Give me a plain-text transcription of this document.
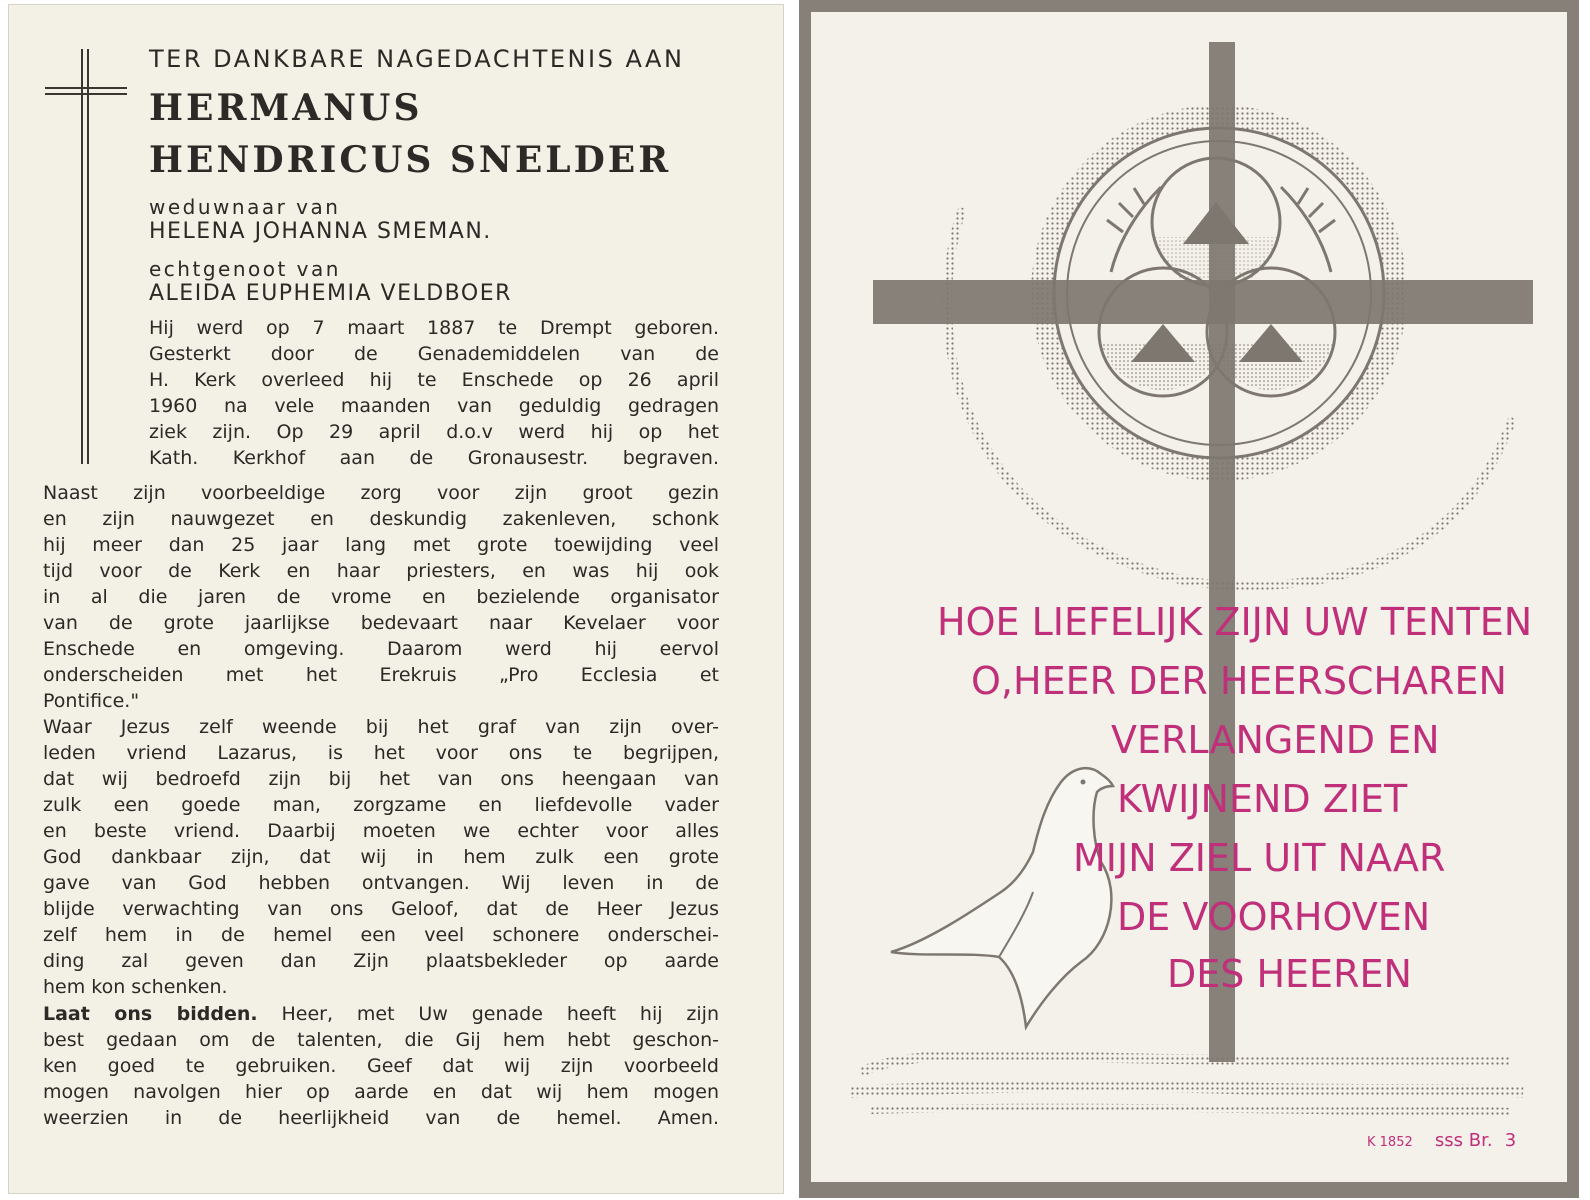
TER DANKBARE NAGEDACHTENIS AAN
HERMANUS
HENDRICUS SNELDER
weduwnaar van
HELENA JOHANNA SMEMAN.
echtgenoot van
ALEIDA EUPHEMIA VELDBOER
Hij werd op 7 maart 1887 te Drempt geboren.
Gesterkt door de Genademiddelen van de
H. Kerk overleed hij te Enschede op 26 april
1960 na vele maanden van geduldig gedragen
ziek zijn. Op 29 april d.o.v werd hij op het
Kath. Kerkhof aan de Gronausestr. begraven.
Naast zijn voorbeeldige zorg voor zijn groot gezin
en zijn nauwgezet en deskundig zakenleven, schonk
hij meer dan 25 jaar lang met grote toewijding veel
tijd voor de Kerk en haar priesters, en was hij ook
in al die jaren de vrome en bezielende organisator
van de grote jaarlijkse bedevaart naar Kevelaer voor
Enschede en omgeving. Daarom werd hij eervol
onderscheiden met het Erekruis „Pro Ecclesia et
Pontifice."
Waar Jezus zelf weende bij het graf van zijn over-
leden vriend Lazarus, is het voor ons te begrijpen,
dat wij bedroefd zijn bij het van ons heengaan van
zulk een goede man, zorgzame en liefdevolle vader
en beste vriend. Daarbij moeten we echter voor alles
God dankbaar zijn, dat wij in hem zulk een grote
gave van God hebben ontvangen. Wij leven in de
blijde verwachting van ons Geloof, dat de Heer Jezus
zelf hem in de hemel een veel schonere onderschei-
ding zal geven dan Zijn plaatsbekleder op aarde
hem kon schenken.
Laat ons bidden. Heer, met Uw genade heeft hij zijn
best gedaan om de talenten, die Gij hem hebt geschon-
ken goed te gebruiken. Geef dat wij zijn voorbeeld
mogen navolgen hier op aarde en dat wij hem mogen
weerzien in de heerlijkheid van de hemel. Amen.
HOE LIEFELIJK ZIJN UW TENTEN
O,HEER DER HEERSCHAREN
VERLANGEND EN
KWIJNEND ZIET
MIJN ZIEL UIT NAAR
DE VOORHOVEN
DES HEEREN
K 1852 sss Br. 3
